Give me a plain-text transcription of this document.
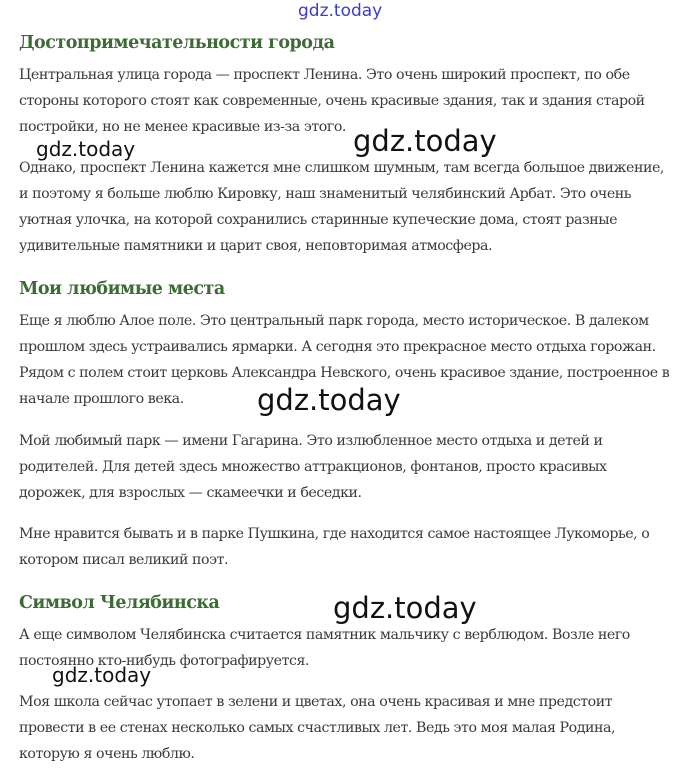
gdz.today
Достопримечательности города
Центральная улица города — проспект Ленина. Это очень широкий проспект, по обе
стороны которого стоят как современные, очень красивые здания, так и здания старой
постройки, но не менее красивые из-за этого.
Однако, проспект Ленина кажется мне слишком шумным, там всегда большое движение,
и поэтому я больше люблю Кировку, наш знаменитый челябинский Арбат. Это очень
уютная улочка, на которой сохранились старинные купеческие дома, стоят разные
удивительные памятники и царит своя, неповторимая атмосфера.
Мои любимые места
Еще я люблю Алое поле. Это центральный парк города, место историческое. В далеком
прошлом здесь устраивались ярмарки. А сегодня это прекрасное место отдыха горожан.
Рядом с полем стоит церковь Александра Невского, очень красивое здание, построенное в
начале прошлого века.
Мой любимый парк — имени Гагарина. Это излюбленное место отдыха и детей и
родителей. Для детей здесь множество аттракционов, фонтанов, просто красивых
дорожек, для взрослых — скамеечки и беседки.
Мне нравится бывать и в парке Пушкина, где находится самое настоящее Лукоморье, о
котором писал великий поэт.
Символ Челябинска
А еще символом Челябинска считается памятник мальчику с верблюдом. Возле него
постоянно кто-нибудь фотографируется.
Моя школа сейчас утопает в зелени и цветах, она очень красивая и мне предстоит
провести в ее стенах несколько самых счастливых лет. Ведь это моя малая Родина,
которую я очень люблю.
gdz.today
gdz.today
gdz.today
gdz.today
gdz.today
